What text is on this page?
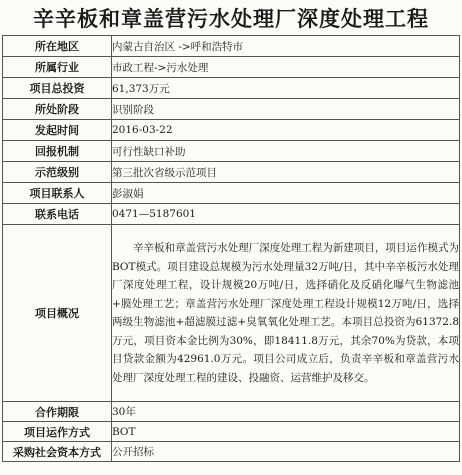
辛辛板和章盖营污水处理厂深度处理工程
所在地区	内蒙古自治区 ->呼和浩特市
所属行业	市政工程->污水处理
项目总投资	61,373万元
所处阶段	识别阶段
发起时间	2016-03-22
回报机制	可行性缺口补助
示范级别	第三批次省级示范项目
项目联系人	彭淑娟
联系电话	0471—5187601
项目概况	辛辛板和章盖营污水处理厂深度处理工程为新建项目，项目运作模式为BOT模式。项目建设总规模为污水处理量32万吨/日，其中辛辛板污水处理厂深度处理工程，设计规模20万吨/日，选择硝化及反硝化曝气生物滤池+膜处理工艺；章盖营污水处理厂深度处理工程设计规模12万吨/日，选择两级生物滤池+超滤膜过滤+臭氧氧化处理工艺。本项目总投资为61372.8万元，项目资本金比例为30%，即18411.8万元，其余70%为贷款，本项目贷款金额为42961.0万元。项目公司成立后，负责辛辛板和章盖营污水处理厂深度处理工程的建设、投融资、运营维护及移交。
合作期限	30年
项目运作方式	BOT
采购社会资本方式	公开招标
